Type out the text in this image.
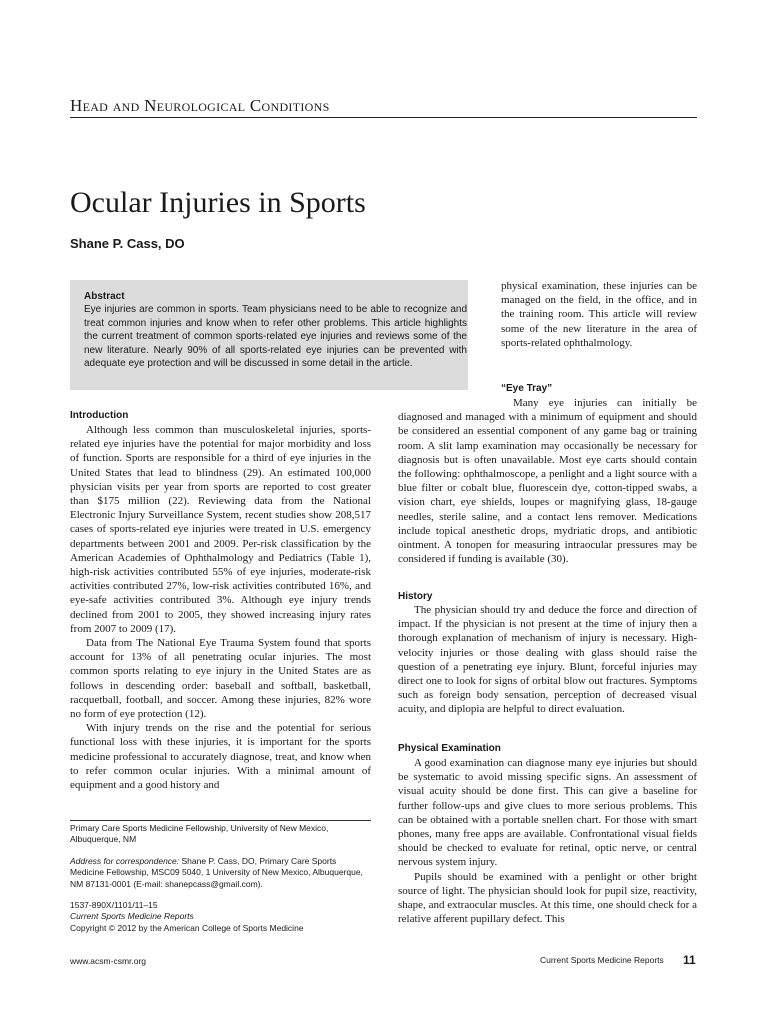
Head and Neurological Conditions
Ocular Injuries in Sports
Shane P. Cass, DO
Abstract
Eye injuries are common in sports. Team physicians need to be able to recognize and treat common injuries and know when to refer other problems. This article highlights the current treatment of common sports-related eye injuries and reviews some of the new literature. Nearly 90% of all sports-related eye injuries can be prevented with adequate eye protection and will be discussed in some detail in the article.
Introduction

Although less common than musculoskeletal injuries, sports-related eye injuries have the potential for major morbidity and loss of function. Sports are responsible for a third of eye injuries in the United States that lead to blindness (29). An estimated 100,000 physician visits per year from sports are reported to cost greater than $175 million (22). Reviewing data from the National Electronic Injury Surveillance System, recent studies show 208,517 cases of sports-related eye injuries were treated in U.S. emergency departments between 2001 and 2009. Per-risk classification by the American Academies of Ophthalmology and Pediatrics (Table 1), high-risk activities contributed 55% of eye injuries, moderate-risk activities contributed 27%, low-risk activities contributed 16%, and eye-safe activities contributed 3%. Although eye injury trends declined from 2001 to 2005, they showed increasing injury rates from 2007 to 2009 (17).

Data from The National Eye Trauma System found that sports account for 13% of all penetrating ocular injuries. The most common sports relating to eye injury in the United States are as follows in descending order: baseball and softball, basketball, racquetball, football, and soccer. Among these injuries, 82% wore no form of eye protection (12).

With injury trends on the rise and the potential for serious functional loss with these injuries, it is important for the sports medicine professional to accurately diagnose, treat, and know when to refer common ocular injuries. With a minimal amount of equipment and a good history and

Primary Care Sports Medicine Fellowship, University of New Mexico, Albuquerque, NM
Address for correspondence: Shane P. Cass, DO, Primary Care Sports Medicine Fellowship, MSC09 5040, 1 University of New Mexico, Albuquerque, NM 87131-0001 (E-mail: shanepcass@gmail.com).
1537-890X/1101/11–15
Current Sports Medicine Reports
Copyright © 2012 by the American College of Sports Medicine

physical examination, these injuries can be managed on the field, in the office, and in the training room. This article will review some of the new literature in the area of sports-related ophthalmology.

“Eye Tray”

Many eye injuries can initially be diagnosed and managed with a minimum of equipment and should be considered an essential component of any game bag or training room. A slit lamp examination may occasionally be necessary for diagnosis but is often unavailable. Most eye carts should contain the following: ophthalmoscope, a penlight and a light source with a blue filter or cobalt blue, fluorescein dye, cotton-tipped swabs, a vision chart, eye shields, loupes or magnifying glass, 18-gauge needles, sterile saline, and a contact lens remover. Medications include topical anesthetic drops, mydriatic drops, and antibiotic ointment. A tonopen for measuring intraocular pressures may be considered if funding is available (30).

History

The physician should try and deduce the force and direction of impact. If the physician is not present at the time of injury then a thorough explanation of mechanism of injury is necessary. High-velocity injuries or those dealing with glass should raise the question of a penetrating eye injury. Blunt, forceful injuries may direct one to look for signs of orbital blow out fractures. Symptoms such as foreign body sensation, perception of decreased visual acuity, and diplopia are helpful to direct evaluation.

Physical Examination

A good examination can diagnose many eye injuries but should be systematic to avoid missing specific signs. An assessment of visual acuity should be done first. This can give a baseline for further follow-ups and give clues to more serious problems. This can be obtained with a portable snellen chart. For those with smart phones, many free apps are available. Confrontational visual fields should be checked to evaluate for retinal, optic nerve, or central nervous system injury.

Pupils should be examined with a penlight or other bright source of light. The physician should look for pupil size, reactivity, shape, and extraocular muscles. At this time, one should check for a relative afferent pupillary defect. This

www.acsm-csmr.org	Current Sports Medicine Reports 11
